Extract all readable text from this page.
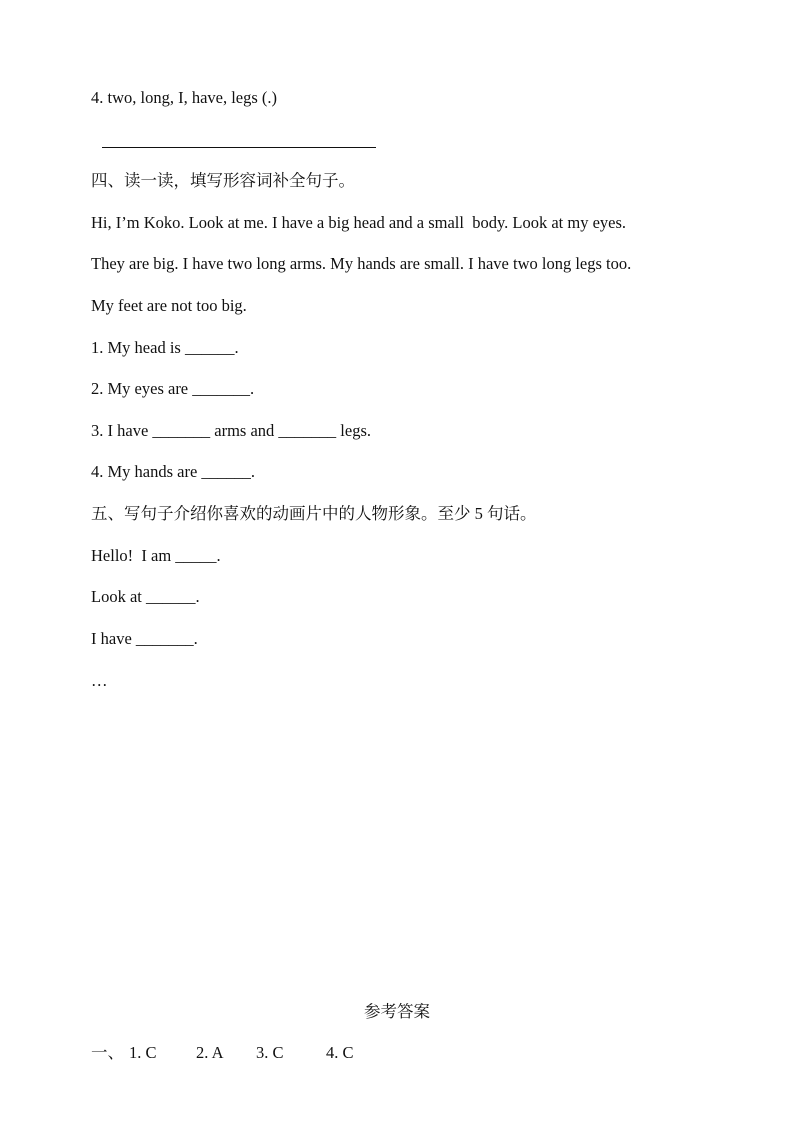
4. two, long, I, have, legs (.)
四、读一读，填写形容词补全句子。
Hi, I’m Koko. Look at me. I have a big head and a small  body. Look at my eyes.
They are big. I have two long arms. My hands are small. I have two long legs too.
My feet are not too big.
1. My head is ______.
2. My eyes are _______.
3. I have _______ arms and _______ legs.
4. My hands are ______.
五、写句子介绍你喜欢的动画片中的人物形象。至少 5 句话。
Hello!  I am _____.
Look at ______.
I have _______.
…
参考答案
一、 1. C 2. A 3. C	4. C
